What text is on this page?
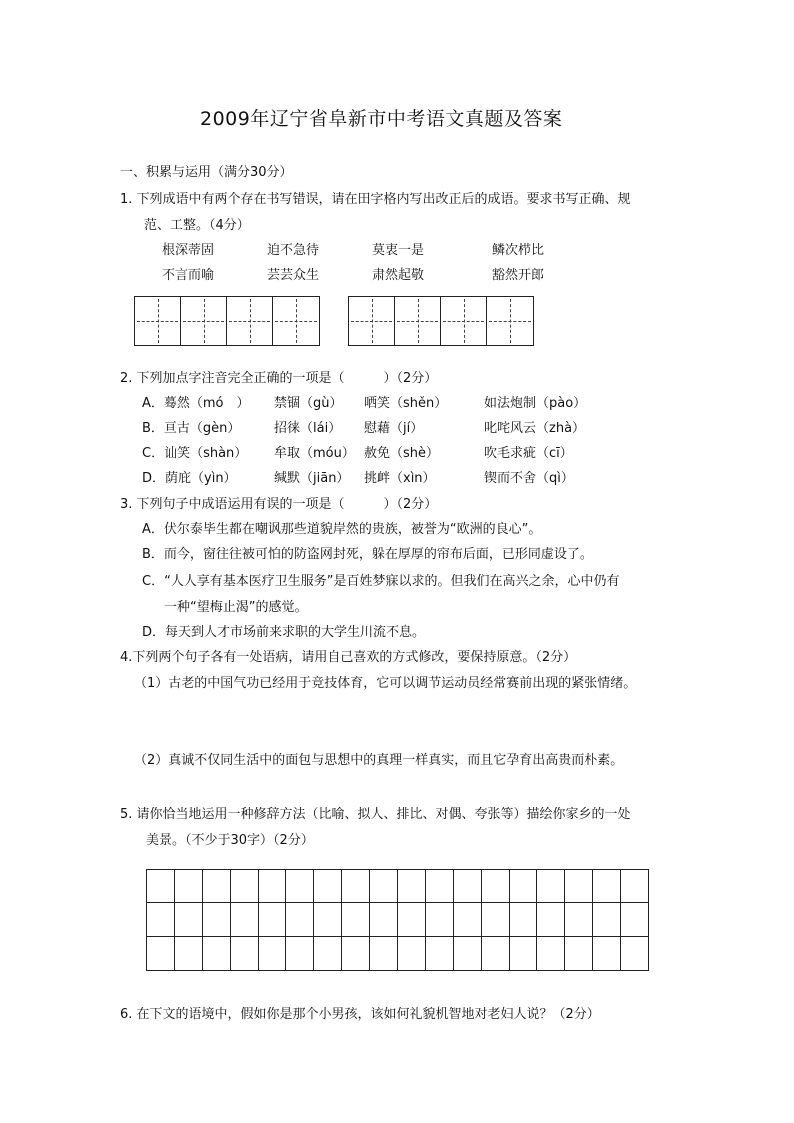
2009年辽宁省阜新市中考语文真题及答案
一、积累与运用（满分30分）
1. 下列成语中有两个存在书写错误，请在田字格内写出改正后的成语。要求书写正确、规
范、工整。（4分）
根深蒂固	迫不急待	莫衷一是	鳞次栉比
不言而喻	芸芸众生	肃然起敬	豁然开郎
2. 下列加点字注音完全正确的一项是（　　　）（2分）
A．蓦然（mó　） 禁锢（gù） 哂笑（shěn）	如法炮制（pào）
B．亘古（gèn）	招徕（lái） 慰藉（jí）	叱咤风云（zhà）
C．讪笑（shàn） 牟取（móu） 赦免（shè）	吹毛求疵（cī）
D．荫庇（yìn）	缄默（jiān） 挑衅（xìn）	锲而不舍（qì）
3. 下列句子中成语运用有误的一项是（　　　）（2分）
A．伏尔泰毕生都在嘲讽那些道貌岸然的贵族，被誉为“欧洲的良心”。
B．而今，窗往往被可怕的防盗网封死，躲在厚厚的帘布后面，已形同虚设了。
C．“人人享有基本医疗卫生服务”是百姓梦寐以求的。但我们在高兴之余，心中仍有
一种“望梅止渴”的感觉。
D．每天到人才市场前来求职的大学生川流不息。
4.下列两个句子各有一处语病，请用自己喜欢的方式修改，要保持原意。（2分）
（1）古老的中国气功已经用于竞技体育，它可以调节运动员经常赛前出现的紧张情绪。
（2）真诚不仅同生活中的面包与思想中的真理一样真实，而且它孕育出高贵而朴素。
5. 请你恰当地运用一种修辞方法（比喻、拟人、排比、对偶、夸张等）描绘你家乡的一处
美景。（不少于30字）（2分）
6. 在下文的语境中，假如你是那个小男孩，该如何礼貌机智地对老妇人说？（2分）
